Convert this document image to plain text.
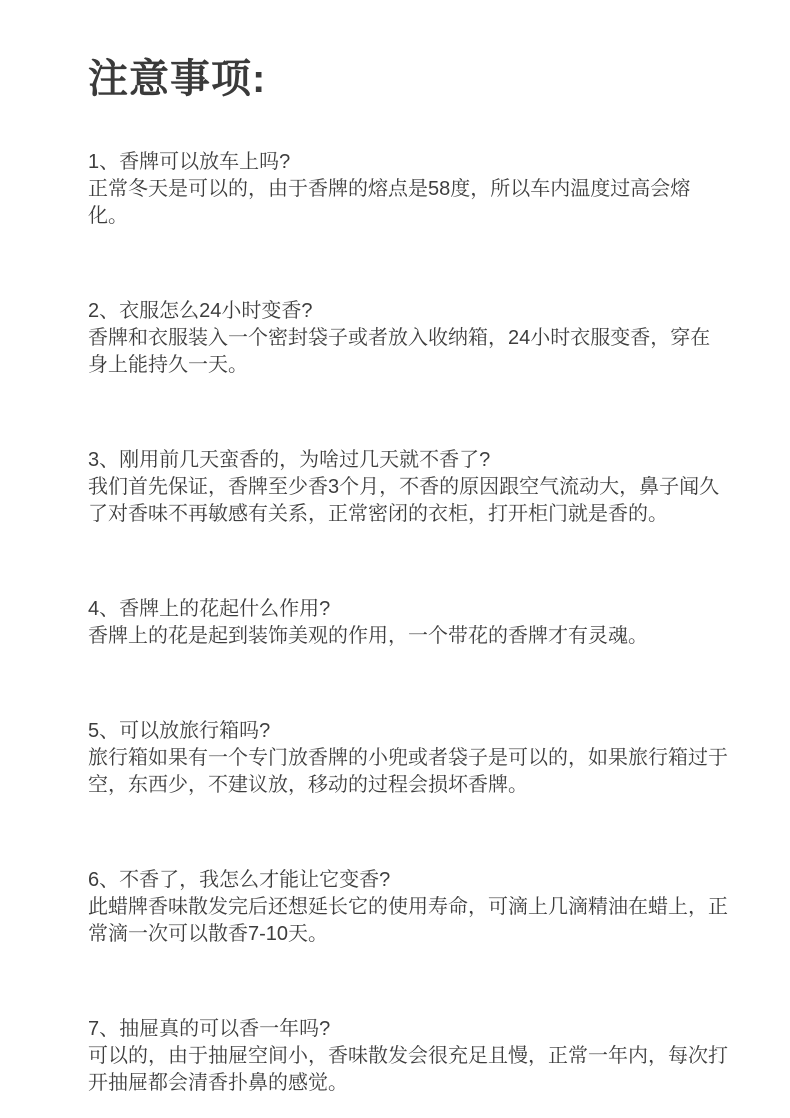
注意事项:

1、香牌可以放车上吗?

正常冬天是可以的，由于香牌的熔点是58度，所以车内温度过高会熔化。

2、衣服怎么24小时变香?

香牌和衣服装入一个密封袋子或者放入收纳箱，24小时衣服变香，穿在身上能持久一天。

3、刚用前几天蛮香的，为啥过几天就不香了?

我们首先保证，香牌至少香3个月，不香的原因跟空气流动大，鼻子闻久了对香味不再敏感有关系，正常密闭的衣柜，打开柜门就是香的。

4、香牌上的花起什么作用?

香牌上的花是起到装饰美观的作用，一个带花的香牌才有灵魂。

5、可以放旅行箱吗?

旅行箱如果有一个专门放香牌的小兜或者袋子是可以的，如果旅行箱过于空，东西少，不建议放，移动的过程会损坏香牌。

6、不香了，我怎么才能让它变香?

此蜡牌香味散发完后还想延长它的使用寿命，可滴上几滴精油在蜡上，正常滴一次可以散香7-10天。

7、抽屉真的可以香一年吗?

可以的，由于抽屉空间小，香味散发会很充足且慢，正常一年内，每次打开抽屉都会清香扑鼻的感觉。
